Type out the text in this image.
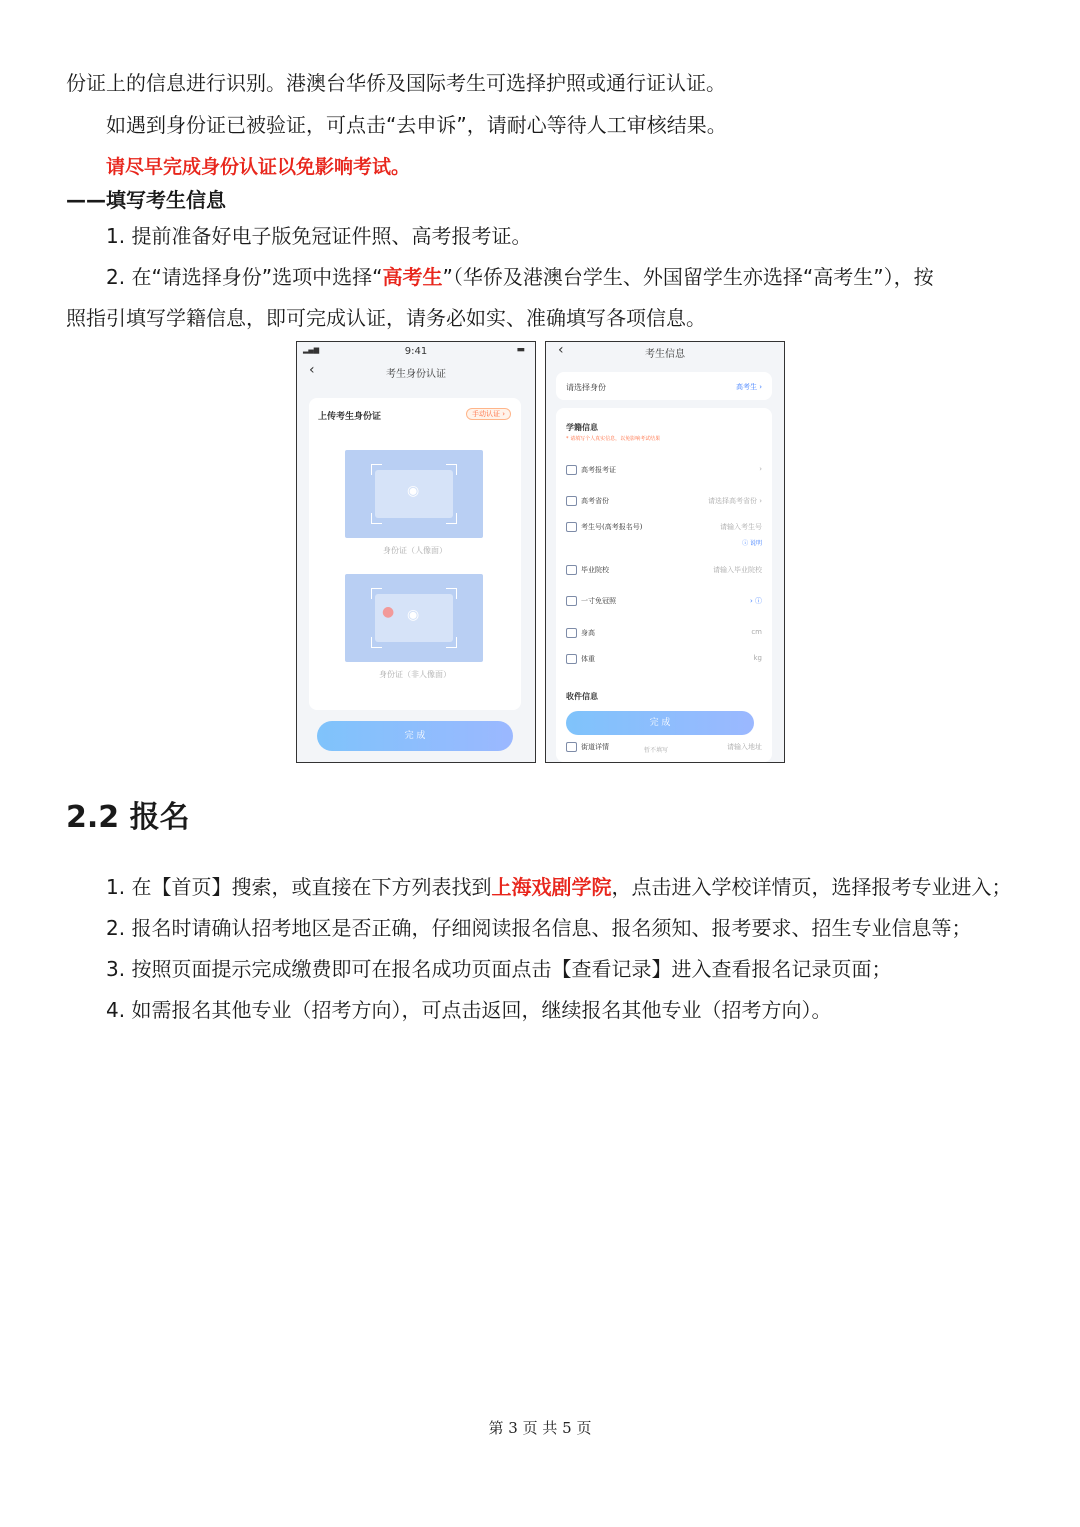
份证上的信息进行识别。港澳台华侨及国际考生可选择护照或通行证认证。
如遇到身份证已被验证，可点击“去申诉”，请耐心等待人工审核结果。
请尽早完成身份认证以免影响考试。
——填写考生信息
1. 提前准备好电子版免冠证件照、高考报考证。
2. 在“请选择身份”选项中选择“高考生”（华侨及港澳台学生、外国留学生亦选择“高考生”），按
照指引填写学籍信息，即可完成认证，请务必如实、准确填写各项信息。
9:41
▂▄▆	▬
‹	考生身份认证
上传考生身份证	手动认证 ›
◉
身份证（人像面）
● ◉
身份证（非人像面）
完 成
‹	考生信息
请选择身份	高考生 ›
学籍信息
* 请填写个人真实信息，以免影响考试结果
高考报考证	›
高考省份	请选择高考省份 ›
考生号(高考报名号)	请输入考生号
ⓘ 说明
毕业院校	请输入毕业院校
一寸免冠照	› ⓘ
身高	cm
体重	kg
收件信息
完 成
街道详情	暂不填写	请输入地址
2.2 报名
1. 在【首页】搜索，或直接在下方列表找到上海戏剧学院，点击进入学校详情页，选择报考专业进入；
2. 报名时请确认招考地区是否正确，仔细阅读报名信息、报名须知、报考要求、招生专业信息等；
3. 按照页面提示完成缴费即可在报名成功页面点击【查看记录】进入查看报名记录页面；
4. 如需报名其他专业（招考方向），可点击返回，继续报名其他专业（招考方向）。
第 3 页 共 5 页
